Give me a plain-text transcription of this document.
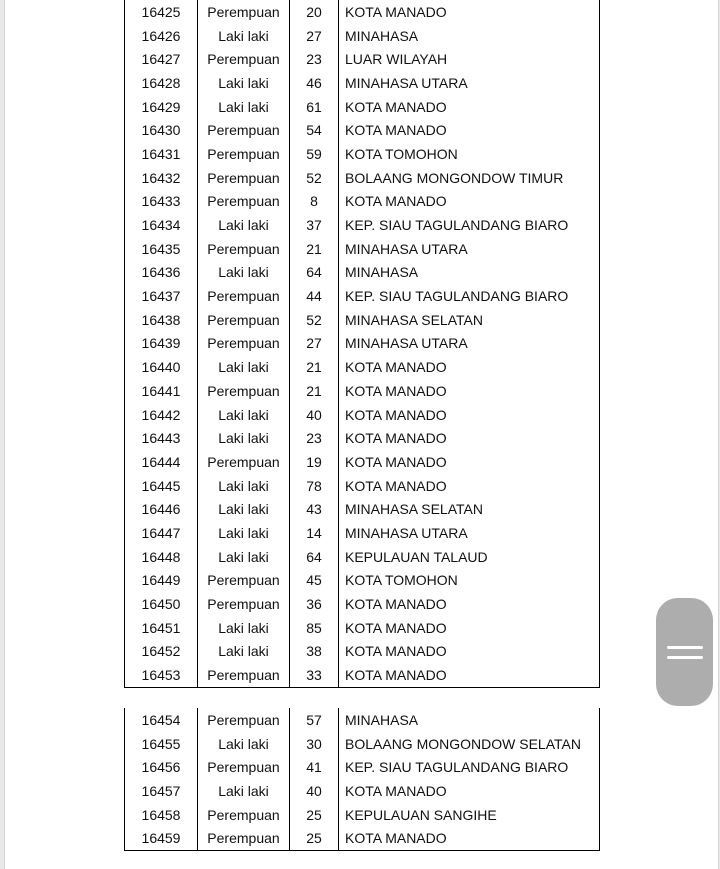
16425	Perempuan	20	KOTA MANADO
16426	Laki laki	27	MINAHASA
16427	Perempuan	23	LUAR WILAYAH
16428	Laki laki	46	MINAHASA UTARA
16429	Laki laki	61	KOTA MANADO
16430	Perempuan	54	KOTA MANADO
16431	Perempuan	59	KOTA TOMOHON
16432	Perempuan	52	BOLAANG MONGONDOW TIMUR
16433	Perempuan	8	KOTA MANADO
16434	Laki laki	37	KEP. SIAU TAGULANDANG BIARO
16435	Perempuan	21	MINAHASA UTARA
16436	Laki laki	64	MINAHASA
16437	Perempuan	44	KEP. SIAU TAGULANDANG BIARO
16438	Perempuan	52	MINAHASA SELATAN
16439	Perempuan	27	MINAHASA UTARA
16440	Laki laki	21	KOTA MANADO
16441	Perempuan	21	KOTA MANADO
16442	Laki laki	40	KOTA MANADO
16443	Laki laki	23	KOTA MANADO
16444	Perempuan	19	KOTA MANADO
16445	Laki laki	78	KOTA MANADO
16446	Laki laki	43	MINAHASA SELATAN
16447	Laki laki	14	MINAHASA UTARA
16448	Laki laki	64	KEPULAUAN TALAUD
16449	Perempuan	45	KOTA TOMOHON
16450	Perempuan	36	KOTA MANADO
16451	Laki laki	85	KOTA MANADO
16452	Laki laki	38	KOTA MANADO
16453	Perempuan	33	KOTA MANADO
16454	Perempuan	57	MINAHASA
16455	Laki laki	30	BOLAANG MONGONDOW SELATAN
16456	Perempuan	41	KEP. SIAU TAGULANDANG BIARO
16457	Laki laki	40	KOTA MANADO
16458	Perempuan	25	KEPULAUAN SANGIHE
16459	Perempuan	25	KOTA MANADO
